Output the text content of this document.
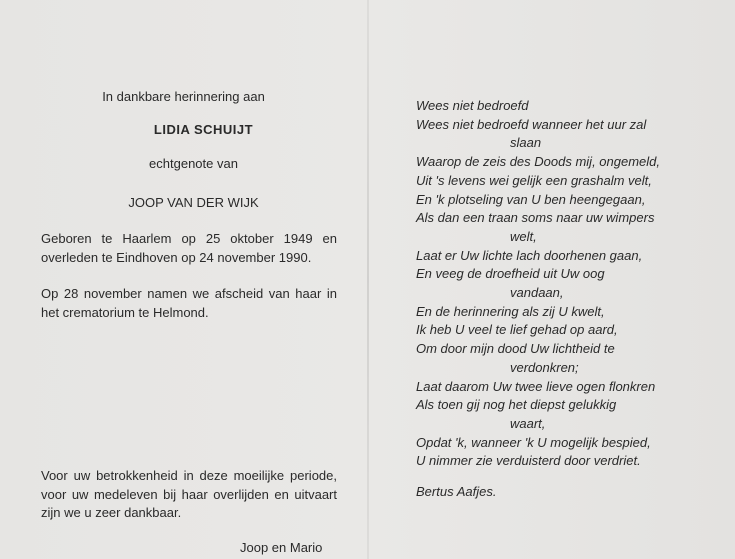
In dankbare herinnering aan
LIDIA SCHUIJT
echtgenote van
JOOP VAN DER WIJK
Geboren te Haarlem op 25 oktober 1949 en overleden te Eindhoven op 24 november 1990.
Op 28 november namen we afscheid van haar in het crematorium te Helmond.
Voor uw betrokkenheid in deze moeilijke periode, voor uw medeleven bij haar overlijden en uitvaart zijn we u zeer dankbaar.
Joop en Mario
Wees niet bedroefd
Wees niet bedroefd wanneer het uur zal
slaan
Waarop de zeis des Doods mij, ongemeld,
Uit 's levens wei gelijk een grashalm velt,
En 'k plotseling van U ben heengegaan,
Als dan een traan soms naar uw wimpers
welt,
Laat er Uw lichte lach doorhenen gaan,
En veeg de droefheid uit Uw oog
vandaan,
En de herinnering als zij U kwelt,
Ik heb U veel te lief gehad op aard,
Om door mijn dood Uw lichtheid te
verdonkren;
Laat daarom Uw twee lieve ogen flonkren
Als toen gij nog het diepst gelukkig
waart,
Opdat 'k, wanneer 'k U mogelijk bespied,
U nimmer zie verduisterd door verdriet.
Bertus Aafjes.
